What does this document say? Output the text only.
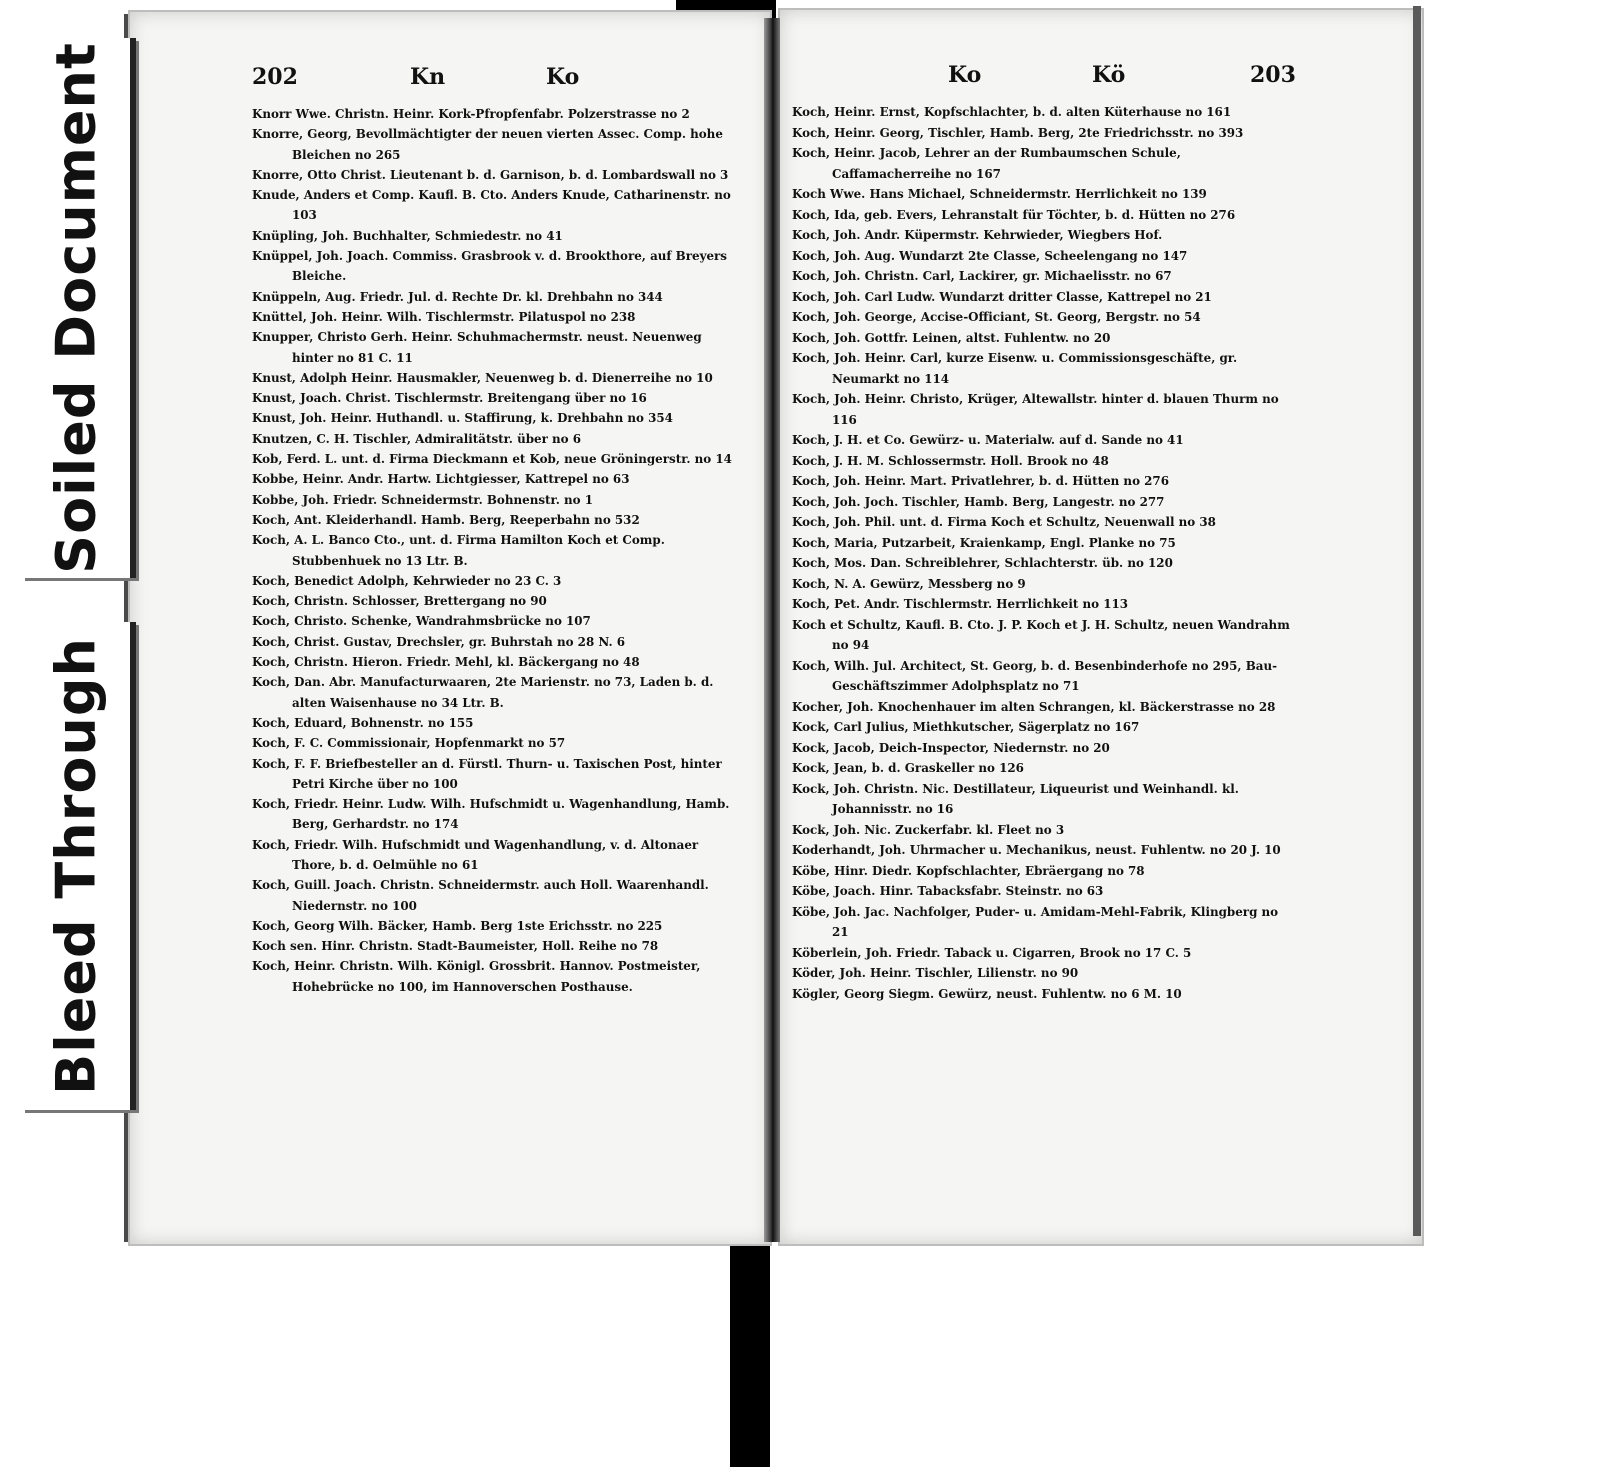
Soiled Document
Bleed Through
202	Kn	Ko	Ko	Kö	203
Knorr Wwe. Christn. Heinr. Kork-Pfropfenfabr. Polzerstrasse no 2
Knorre, Georg, Bevollmächtigter der neuen vierten Assec. Comp. hohe Bleichen no 265
Knorre, Otto Christ. Lieutenant b. d. Garnison, b. d. Lombardswall no 3
Knude, Anders et Comp. Kaufl. B. Cto. Anders Knude, Catharinenstr. no 103
Knüpling, Joh. Buchhalter, Schmiedestr. no 41
Knüppel, Joh. Joach. Commiss. Grasbrook v. d. Brookthore, auf Breyers Bleiche.
Knüppeln, Aug. Friedr. Jul. d. Rechte Dr. kl. Drehbahn no 344
Knüttel, Joh. Heinr. Wilh. Tischlermstr. Pilatuspol no 238
Knupper, Christo Gerh. Heinr. Schuhmachermstr. neust. Neuenweg hinter no 81 C. 11
Knust, Adolph Heinr. Hausmakler, Neuenweg b. d. Dienerreihe no 10
Knust, Joach. Christ. Tischlermstr. Breitengang über no 16
Knust, Joh. Heinr. Huthandl. u. Staffirung, k. Drehbahn no 354
Knutzen, C. H. Tischler, Admiralitätstr. über no 6
Kob, Ferd. L. unt. d. Firma Dieckmann et Kob, neue Gröningerstr. no 14
Kobbe, Heinr. Andr. Hartw. Lichtgiesser, Kattrepel no 63
Kobbe, Joh. Friedr. Schneidermstr. Bohnenstr. no 1
Koch, Ant. Kleiderhandl. Hamb. Berg, Reeperbahn no 532
Koch, A. L. Banco Cto., unt. d. Firma Hamilton Koch et Comp. Stubbenhuek no 13 Ltr. B.
Koch, Benedict Adolph, Kehrwieder no 23 C. 3
Koch, Christn. Schlosser, Brettergang no 90
Koch, Christo. Schenke, Wandrahmsbrücke no 107
Koch, Christ. Gustav, Drechsler, gr. Buhrstah no 28 N. 6
Koch, Christn. Hieron. Friedr. Mehl, kl. Bäckergang no 48
Koch, Dan. Abr. Manufacturwaaren, 2te Marienstr. no 73, Laden b. d. alten Waisenhause no 34 Ltr. B.
Koch, Eduard, Bohnenstr. no 155
Koch, F. C. Commissionair, Hopfenmarkt no 57
Koch, F. F. Briefbesteller an d. Fürstl. Thurn- u. Taxischen Post, hinter Petri Kirche über no 100
Koch, Friedr. Heinr. Ludw. Wilh. Hufschmidt u. Wagenhandlung, Hamb. Berg, Gerhardstr. no 174
Koch, Friedr. Wilh. Hufschmidt und Wagenhandlung, v. d. Altonaer Thore, b. d. Oelmühle no 61
Koch, Guill. Joach. Christn. Schneidermstr. auch Holl. Waarenhandl. Niedernstr. no 100
Koch, Georg Wilh. Bäcker, Hamb. Berg 1ste Erichsstr. no 225
Koch sen. Hinr. Christn. Stadt-Baumeister, Holl. Reihe no 78
Koch, Heinr. Christn. Wilh. Königl. Grossbrit. Hannov. Postmeister, Hohebrücke no 100, im Hannoverschen Posthause.
Koch, Heinr. Ernst, Kopfschlachter, b. d. alten Küterhause no 161
Koch, Heinr. Georg, Tischler, Hamb. Berg, 2te Friedrichsstr. no 393
Koch, Heinr. Jacob, Lehrer an der Rumbaumschen Schule, Caffamacherreihe no 167
Koch Wwe. Hans Michael, Schneidermstr. Herrlichkeit no 139
Koch, Ida, geb. Evers, Lehranstalt für Töchter, b. d. Hütten no 276
Koch, Joh. Andr. Küpermstr. Kehrwieder, Wiegbers Hof.
Koch, Joh. Aug. Wundarzt 2te Classe, Scheelengang no 147
Koch, Joh. Christn. Carl, Lackirer, gr. Michaelisstr. no 67
Koch, Joh. Carl Ludw. Wundarzt dritter Classe, Kattrepel no 21
Koch, Joh. George, Accise-Officiant, St. Georg, Bergstr. no 54
Koch, Joh. Gottfr. Leinen, altst. Fuhlentw. no 20
Koch, Joh. Heinr. Carl, kurze Eisenw. u. Commissionsgeschäfte, gr. Neumarkt no 114
Koch, Joh. Heinr. Christo, Krüger, Altewallstr. hinter d. blauen Thurm no 116
Koch, J. H. et Co. Gewürz- u. Materialw. auf d. Sande no 41
Koch, J. H. M. Schlossermstr. Holl. Brook no 48
Koch, Joh. Heinr. Mart. Privatlehrer, b. d. Hütten no 276
Koch, Joh. Joch. Tischler, Hamb. Berg, Langestr. no 277
Koch, Joh. Phil. unt. d. Firma Koch et Schultz, Neuenwall no 38
Koch, Maria, Putzarbeit, Kraienkamp, Engl. Planke no 75
Koch, Mos. Dan. Schreiblehrer, Schlachterstr. üb. no 120
Koch, N. A. Gewürz, Messberg no 9
Koch, Pet. Andr. Tischlermstr. Herrlichkeit no 113
Koch et Schultz, Kaufl. B. Cto. J. P. Koch et J. H. Schultz, neuen Wandrahm no 94
Koch, Wilh. Jul. Architect, St. Georg, b. d. Besenbinderhofe no 295, Bau-Geschäftszimmer Adolphsplatz no 71
Kocher, Joh. Knochenhauer im alten Schrangen, kl. Bäckerstrasse no 28
Kock, Carl Julius, Miethkutscher, Sägerplatz no 167
Kock, Jacob, Deich-Inspector, Niedernstr. no 20
Kock, Jean, b. d. Graskeller no 126
Kock, Joh. Christn. Nic. Destillateur, Liqueurist und Weinhandl. kl. Johannisstr. no 16
Kock, Joh. Nic. Zuckerfabr. kl. Fleet no 3
Koderhandt, Joh. Uhrmacher u. Mechanikus, neust. Fuhlentw. no 20 J. 10
Köbe, Hinr. Diedr. Kopfschlachter, Ebräergang no 78
Köbe, Joach. Hinr. Tabacksfabr. Steinstr. no 63
Köbe, Joh. Jac. Nachfolger, Puder- u. Amidam-Mehl-Fabrik, Klingberg no 21
Köberlein, Joh. Friedr. Taback u. Cigarren, Brook no 17 C. 5
Köder, Joh. Heinr. Tischler, Lilienstr. no 90
Kögler, Georg Siegm. Gewürz, neust. Fuhlentw. no 6 M. 10
